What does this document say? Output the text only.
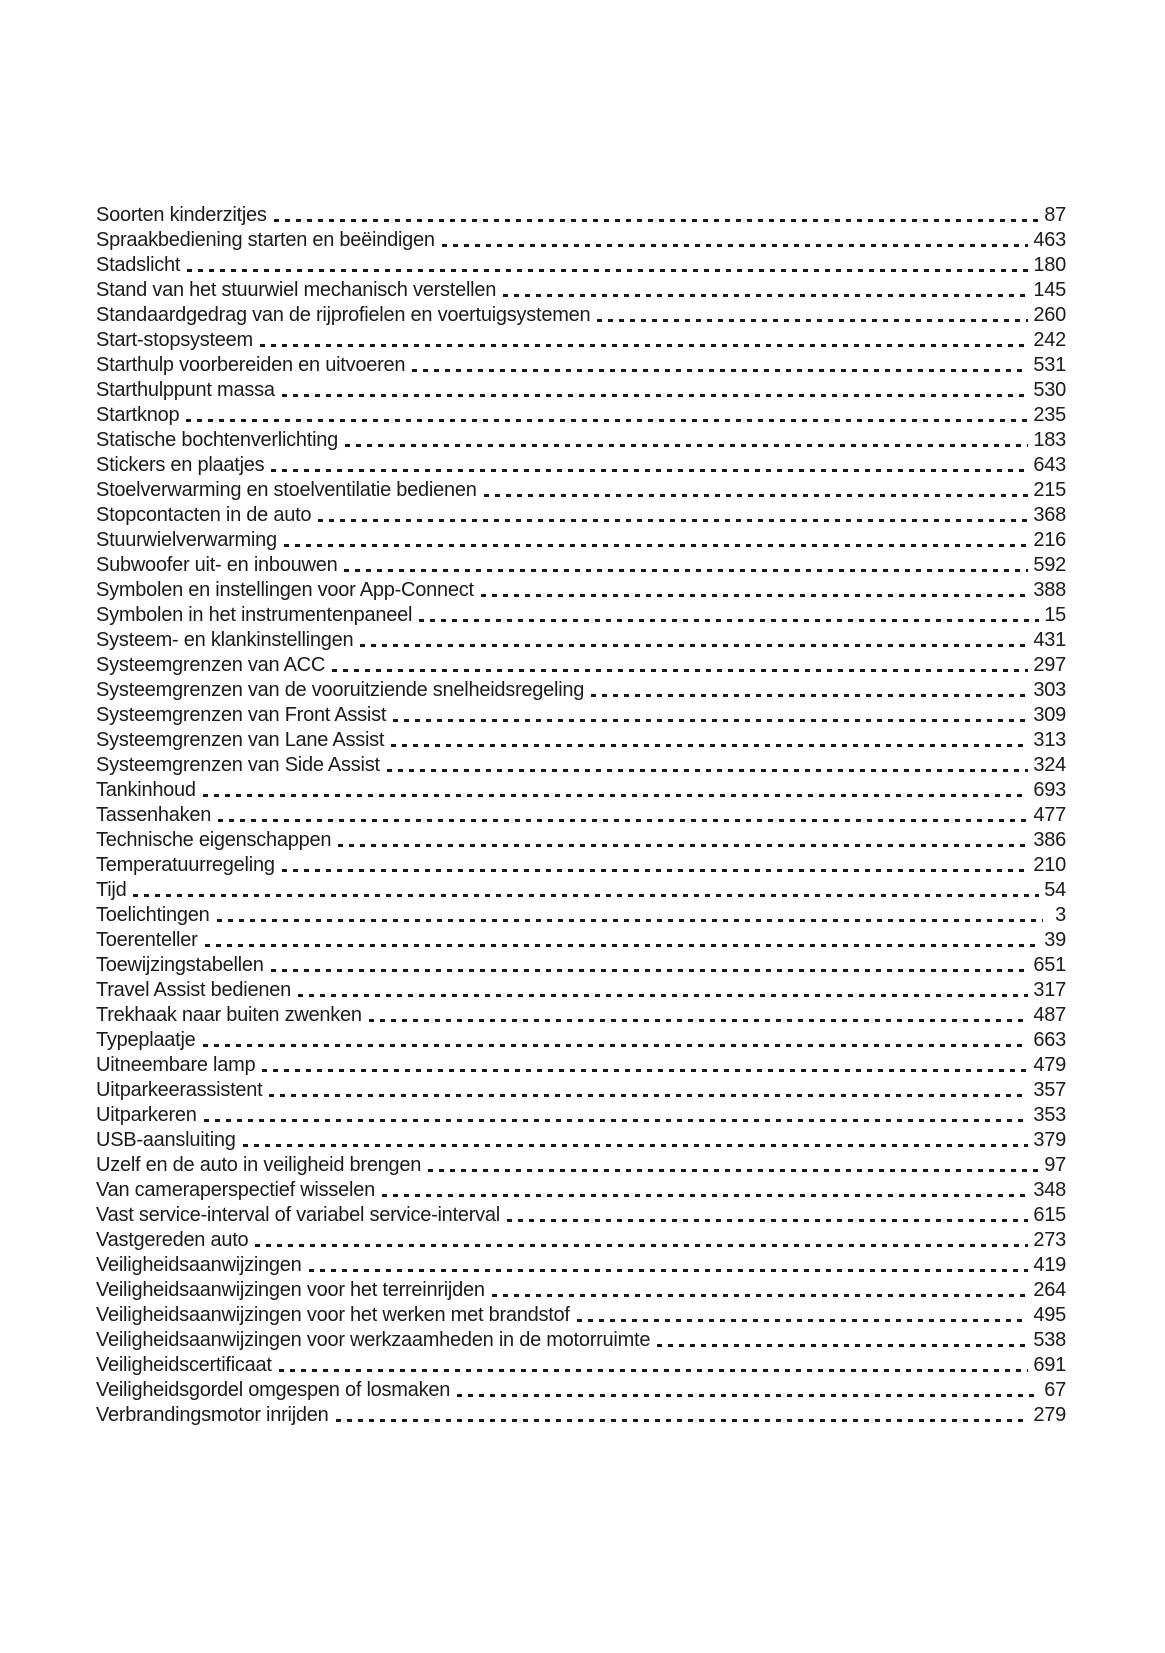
Soorten kinderzitjes	87
Spraakbediening starten en beëindigen	463
Stadslicht	180
Stand van het stuurwiel mechanisch verstellen	145
Standaardgedrag van de rijprofielen en voertuigsystemen	260
Start-stopsysteem	242
Starthulp voorbereiden en uitvoeren	531
Starthulppunt massa	530
Startknop	235
Statische bochtenverlichting	183
Stickers en plaatjes	643
Stoelverwarming en stoelventilatie bedienen	215
Stopcontacten in de auto	368
Stuurwielverwarming	216
Subwoofer uit- en inbouwen	592
Symbolen en instellingen voor App-Connect	388
Symbolen in het instrumentenpaneel	15
Systeem- en klankinstellingen	431
Systeemgrenzen van ACC	297
Systeemgrenzen van de vooruitziende snelheidsregeling	303
Systeemgrenzen van Front Assist	309
Systeemgrenzen van Lane Assist	313
Systeemgrenzen van Side Assist	324
Tankinhoud	693
Tassenhaken	477
Technische eigenschappen	386
Temperatuurregeling	210
Tijd	54
Toelichtingen	3
Toerenteller	39
Toewijzingstabellen	651
Travel Assist bedienen	317
Trekhaak naar buiten zwenken	487
Typeplaatje	663
Uitneembare lamp	479
Uitparkeerassistent	357
Uitparkeren	353
USB-aansluiting	379
Uzelf en de auto in veiligheid brengen	97
Van cameraperspectief wisselen	348
Vast service-interval of variabel service-interval	615
Vastgereden auto	273
Veiligheidsaanwijzingen	419
Veiligheidsaanwijzingen voor het terreinrijden	264
Veiligheidsaanwijzingen voor het werken met brandstof	495
Veiligheidsaanwijzingen voor werkzaamheden in de motorruimte	538
Veiligheidscertificaat	691
Veiligheidsgordel omgespen of losmaken	67
Verbrandingsmotor inrijden	279
